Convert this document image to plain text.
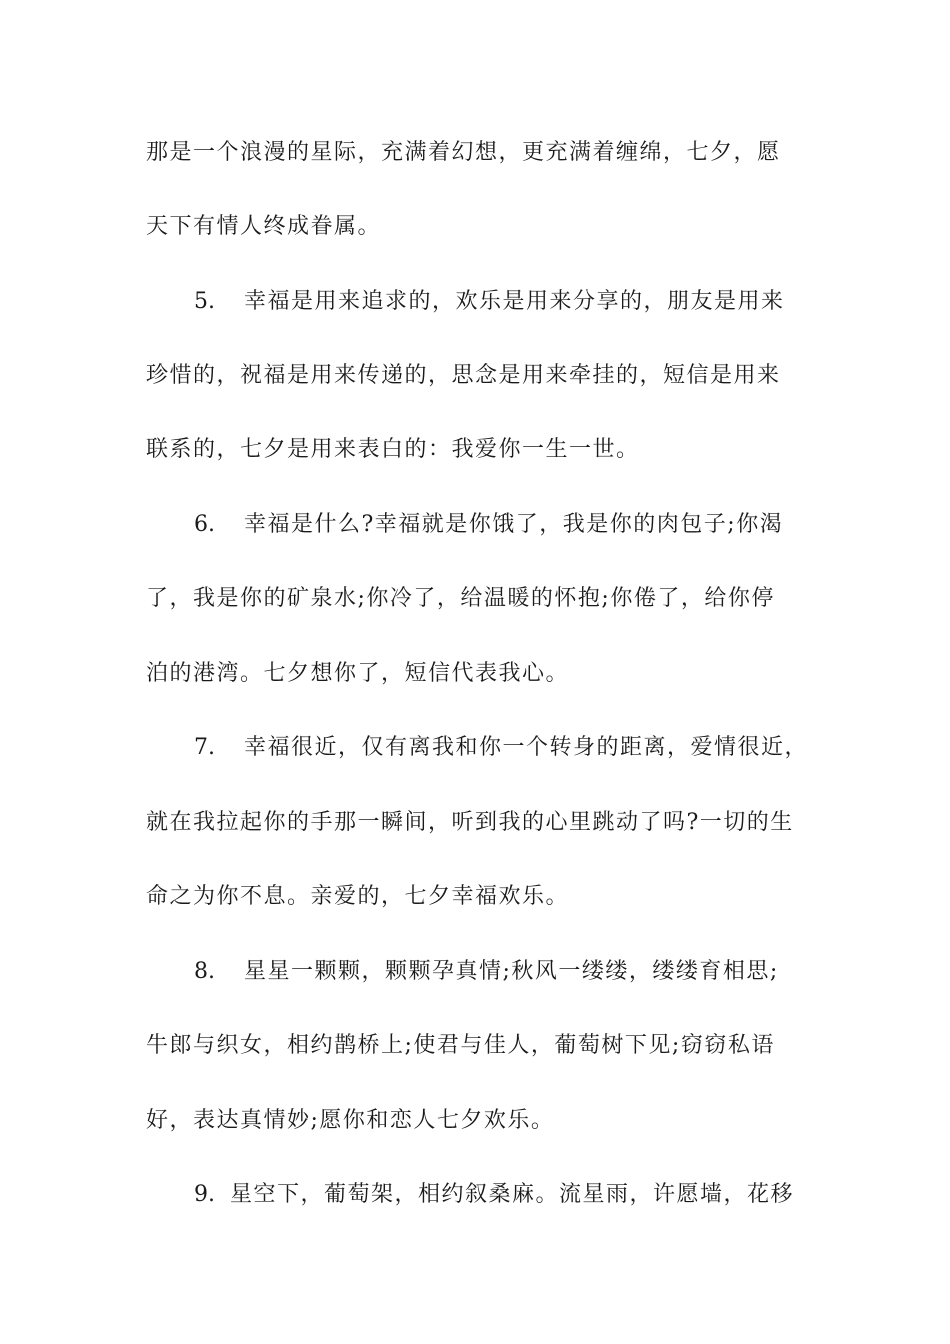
那是一个浪漫的星际，充满着幻想，更充满着缠绵，七夕，愿
天下有情人终成眷属。
5. 幸福是用来追求的，欢乐是用来分享的，朋友是用来
珍惜的，祝福是用来传递的，思念是用来牵挂的，短信是用来
联系的，七夕是用来表白的：我爱你一生一世。
6. 幸福是什么?幸福就是你饿了，我是你的肉包子;你渴
了，我是你的矿泉水;你冷了，给温暖的怀抱;你倦了，给你停
泊的港湾。七夕想你了，短信代表我心。
7. 幸福很近，仅有离我和你一个转身的距离，爱情很近，
就在我拉起你的手那一瞬间，听到我的心里跳动了吗?一切的生
命之为你不息。亲爱的，七夕幸福欢乐。
8. 星星一颗颗，颗颗孕真情;秋风一缕缕，缕缕育相思;
牛郎与织女，相约鹊桥上;使君与佳人，葡萄树下见;窃窃私语
好，表达真情妙;愿你和恋人七夕欢乐。
9. 星空下，葡萄架，相约叙桑麻。流星雨，许愿墙，花移
